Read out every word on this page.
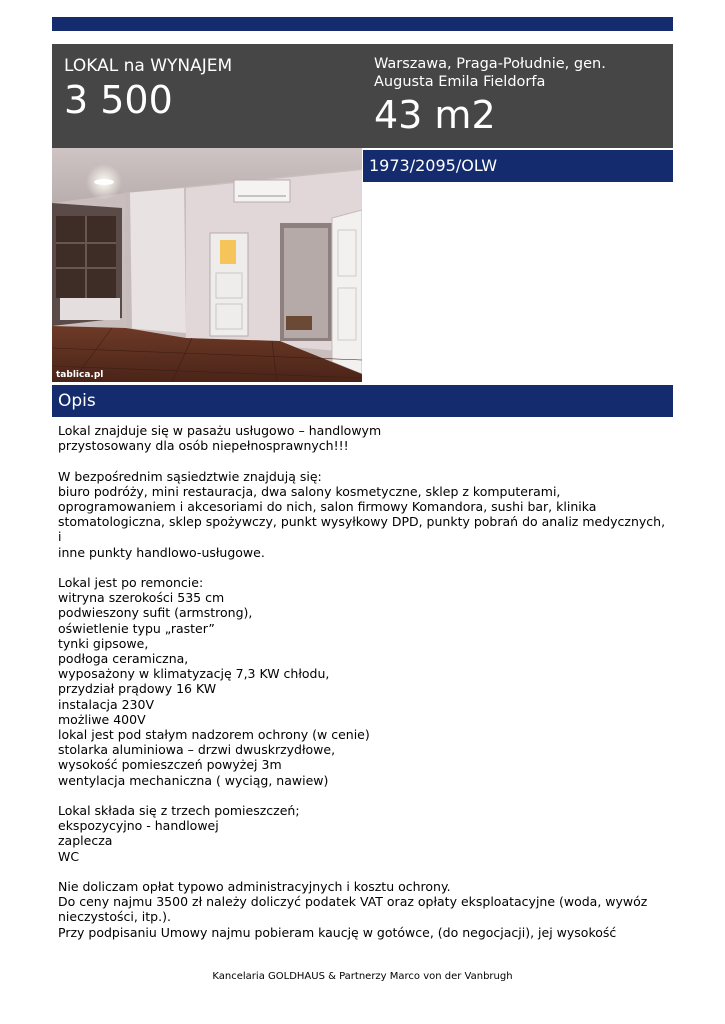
LOKAL na WYNAJEM
3 500
Warszawa, Praga-Południe, gen. Augusta Emila Fieldorfa
43 m2
tablica.pl
1973/2095/OLW
Opis

Lokal znajduje się w pasażu usługowo – handlowym

przystosowany dla osób niepełnosprawnych!!!

W bezpośrednim sąsiedztwie znajdują się:

biuro podróży, mini restauracja, dwa salony kosmetyczne, sklep z komputerami,

oprogramowaniem i akcesoriami do nich, salon firmowy Komandora, sushi bar, klinika

stomatologiczna, sklep spożywczy, punkt wysyłkowy DPD, punkty pobrań do analiz medycznych, i

inne punkty handlowo-usługowe.

Lokal jest po remoncie:

witryna szerokości 535 cm

podwieszony sufit (armstrong),

oświetlenie typu „raster”

tynki gipsowe,

podłoga ceramiczna,

wyposażony w klimatyzację 7,3 KW chłodu,

przydział prądowy 16 KW

instalacja 230V

możliwe 400V

lokal jest pod stałym nadzorem ochrony (w cenie)

stolarka aluminiowa – drzwi dwuskrzydłowe,

wysokość pomieszczeń powyżej 3m

wentylacja mechaniczna ( wyciąg, nawiew)

Lokal składa się z trzech pomieszczeń;

ekspozycyjno - handlowej

zaplecza

WC

Nie doliczam opłat typowo administracyjnych i kosztu ochrony.

Do ceny najmu 3500 zł należy doliczyć podatek VAT oraz opłaty eksploatacyjne (woda, wywóz

nieczystości, itp.).

Przy podpisaniu Umowy najmu pobieram kaucję w gotówce, (do negocjacji), jej wysokość

Kancelaria GOLDHAUS & Partnerzy Marco von der Vanbrugh
